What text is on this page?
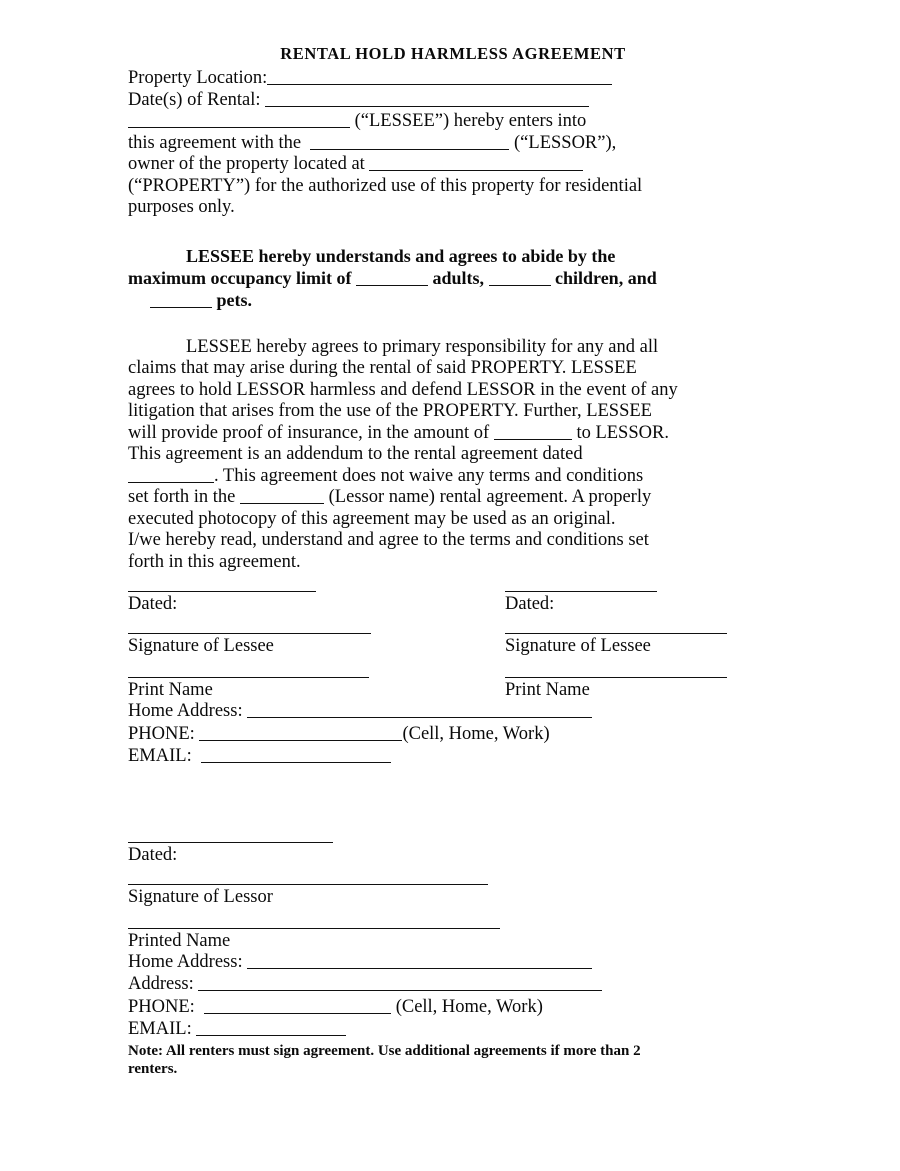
RENTAL HOLD HARMLESS AGREEMENT
Property Location:
Date(s) of Rental:
(“LESSEE”) hereby enters into
this agreement with the	(“LESSOR”),
owner of the property located at
(“PROPERTY”) for the authorized use of this property for residential
purposes only.
LESSEE hereby understands and agrees to abide by the
maximum occupancy limit of	adults,	children, and
pets.
LESSEE hereby agrees to primary responsibility for any and all
claims that may arise during the rental of said PROPERTY. LESSEE
agrees to hold LESSOR harmless and defend LESSOR in the event of any
litigation that arises from the use of the PROPERTY. Further, LESSEE
will provide proof of insurance, in the amount of	to LESSOR.
This agreement is an addendum to the rental agreement dated
. This agreement does not waive any terms and conditions
set forth in the	(Lessor name) rental agreement. A properly
executed photocopy of this agreement may be used as an original.
I/we hereby read, understand and agree to the terms and conditions set
forth in this agreement.
Dated:	Dated:
Signature of Lessee	Signature of Lessee
Print Name	Print Name
Home Address:
PHONE:	(Cell, Home, Work)
EMAIL:
Dated:
Signature of Lessor
Printed Name
Home Address:
Address:
PHONE:	(Cell, Home, Work)
EMAIL:
Note: All renters must sign agreement. Use additional agreements if more than 2
renters.
